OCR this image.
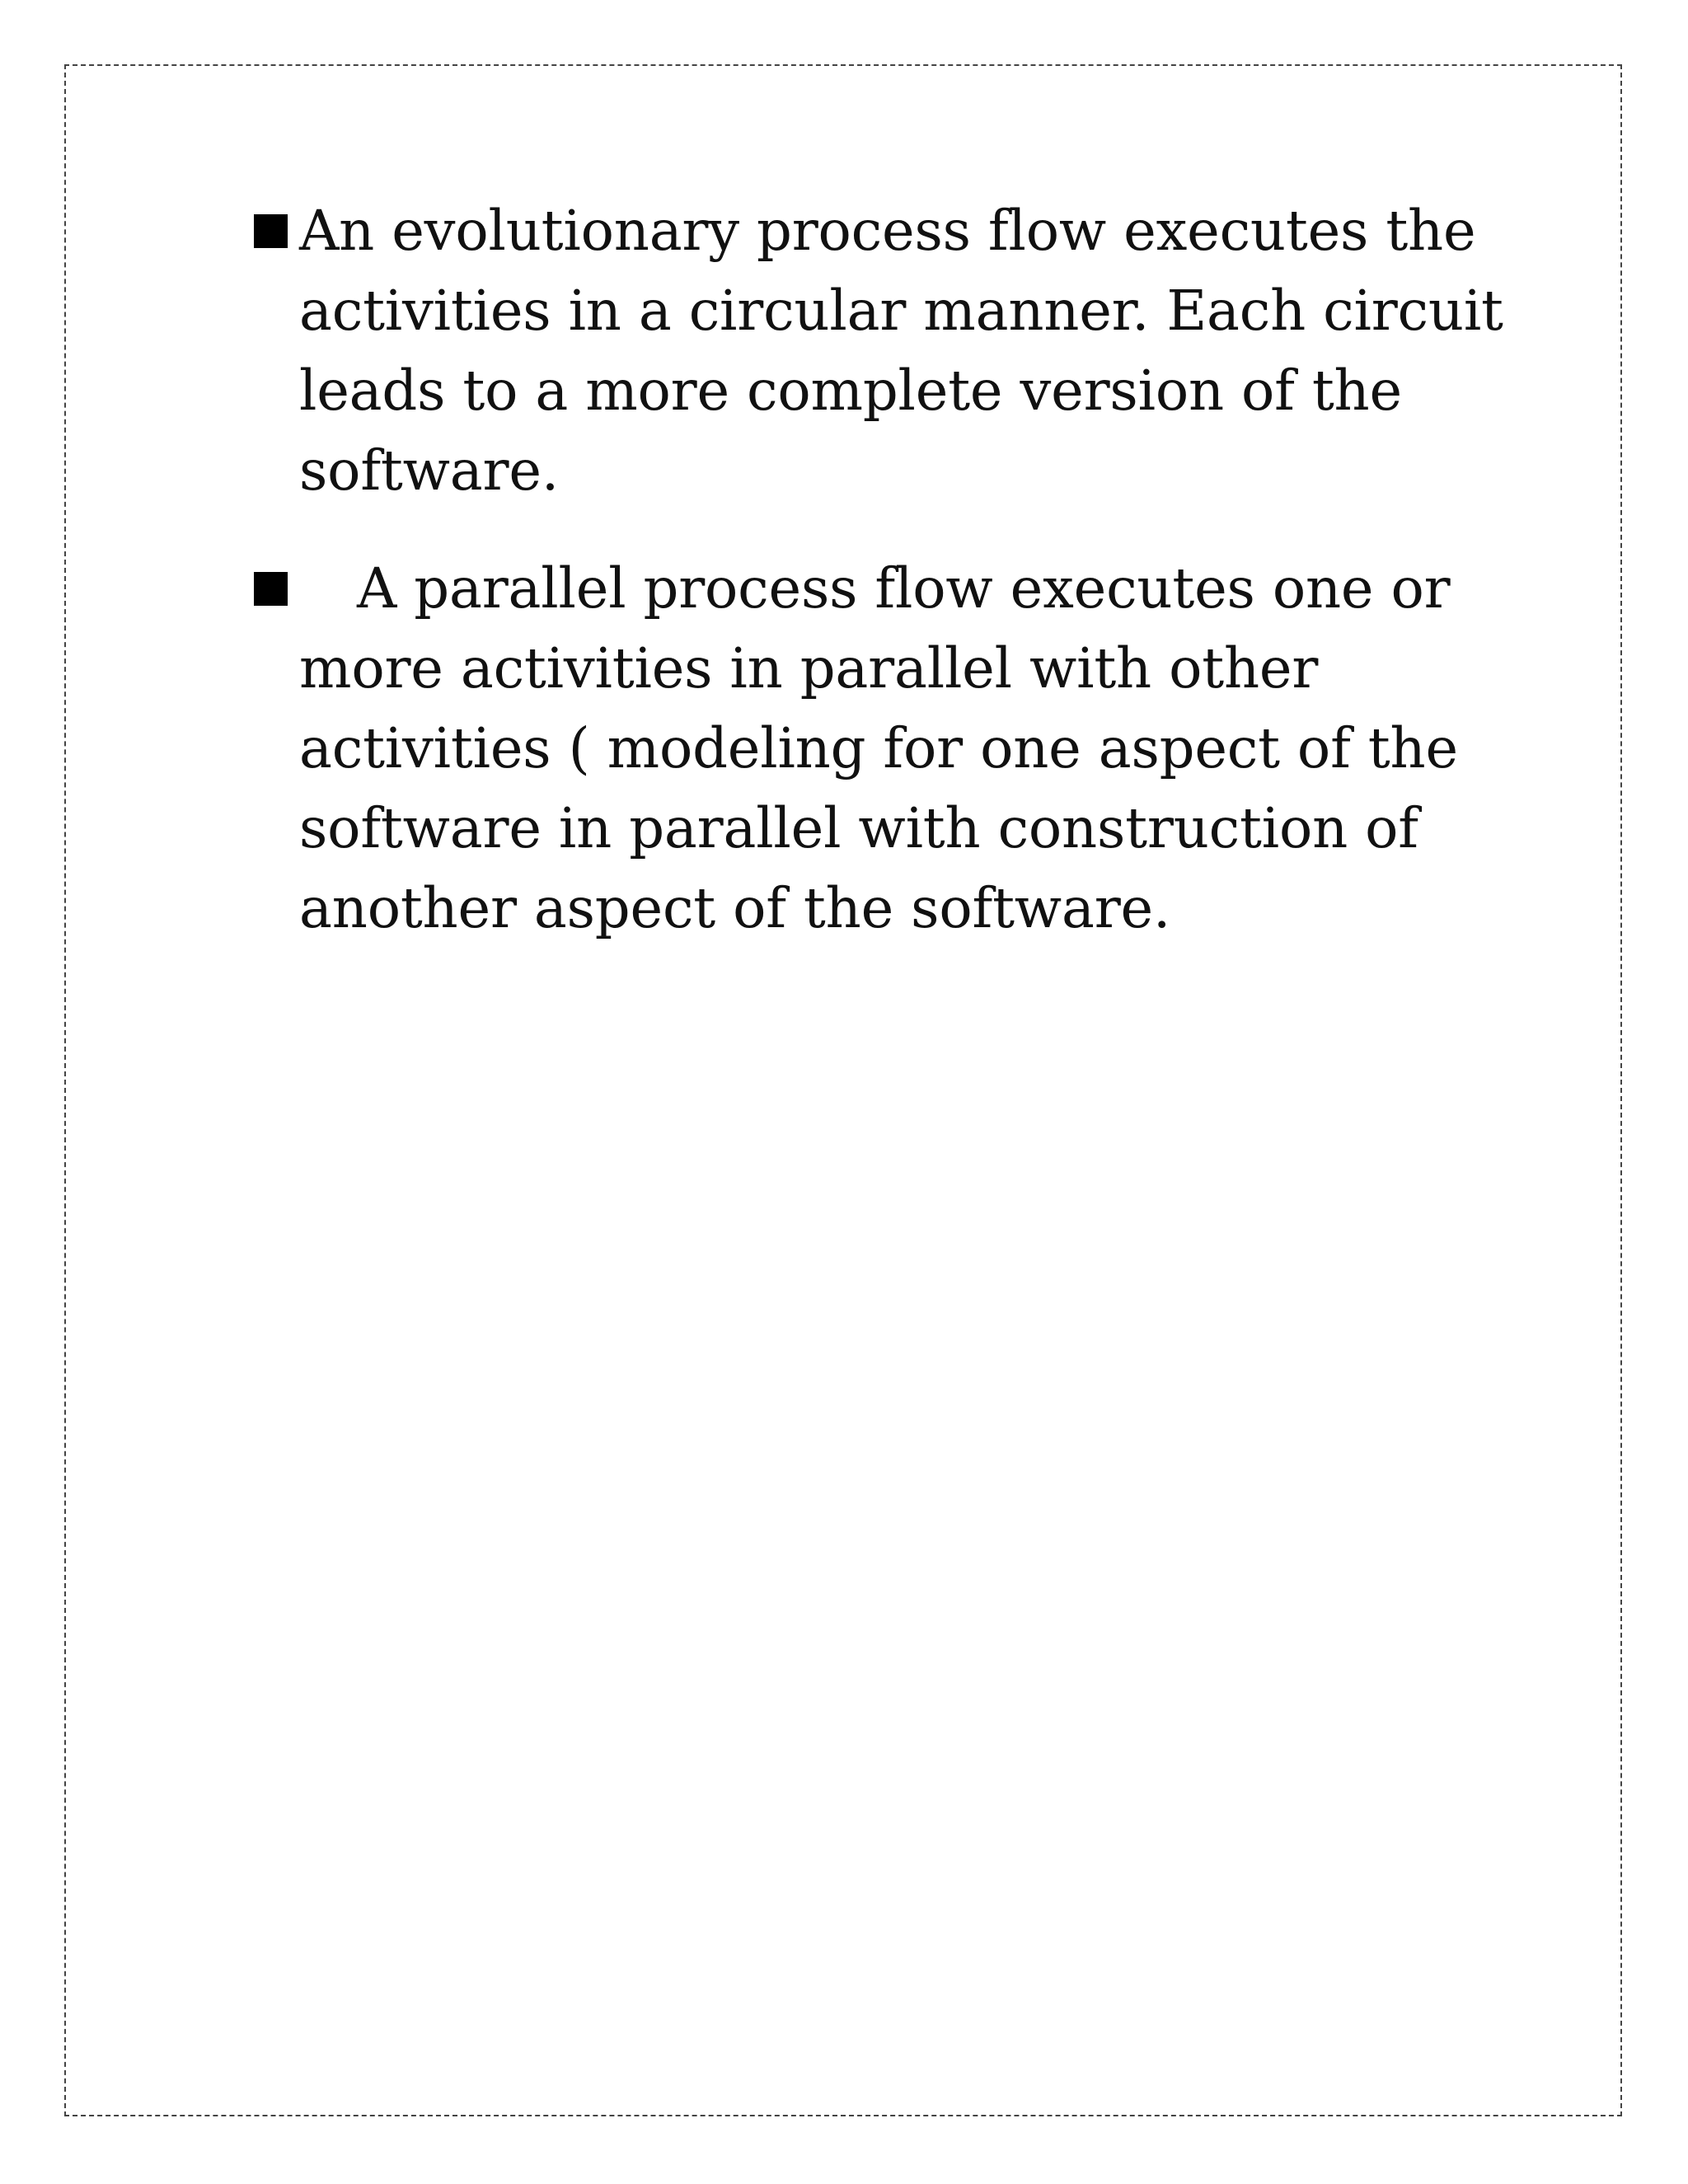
An evolutionary process flow executes the activities in a circular manner. Each circuit leads to a more complete version of the software.
A parallel process flow executes one or more activities in parallel with other activities ( modeling for one aspect of the software in parallel with construction of another aspect of the software.
